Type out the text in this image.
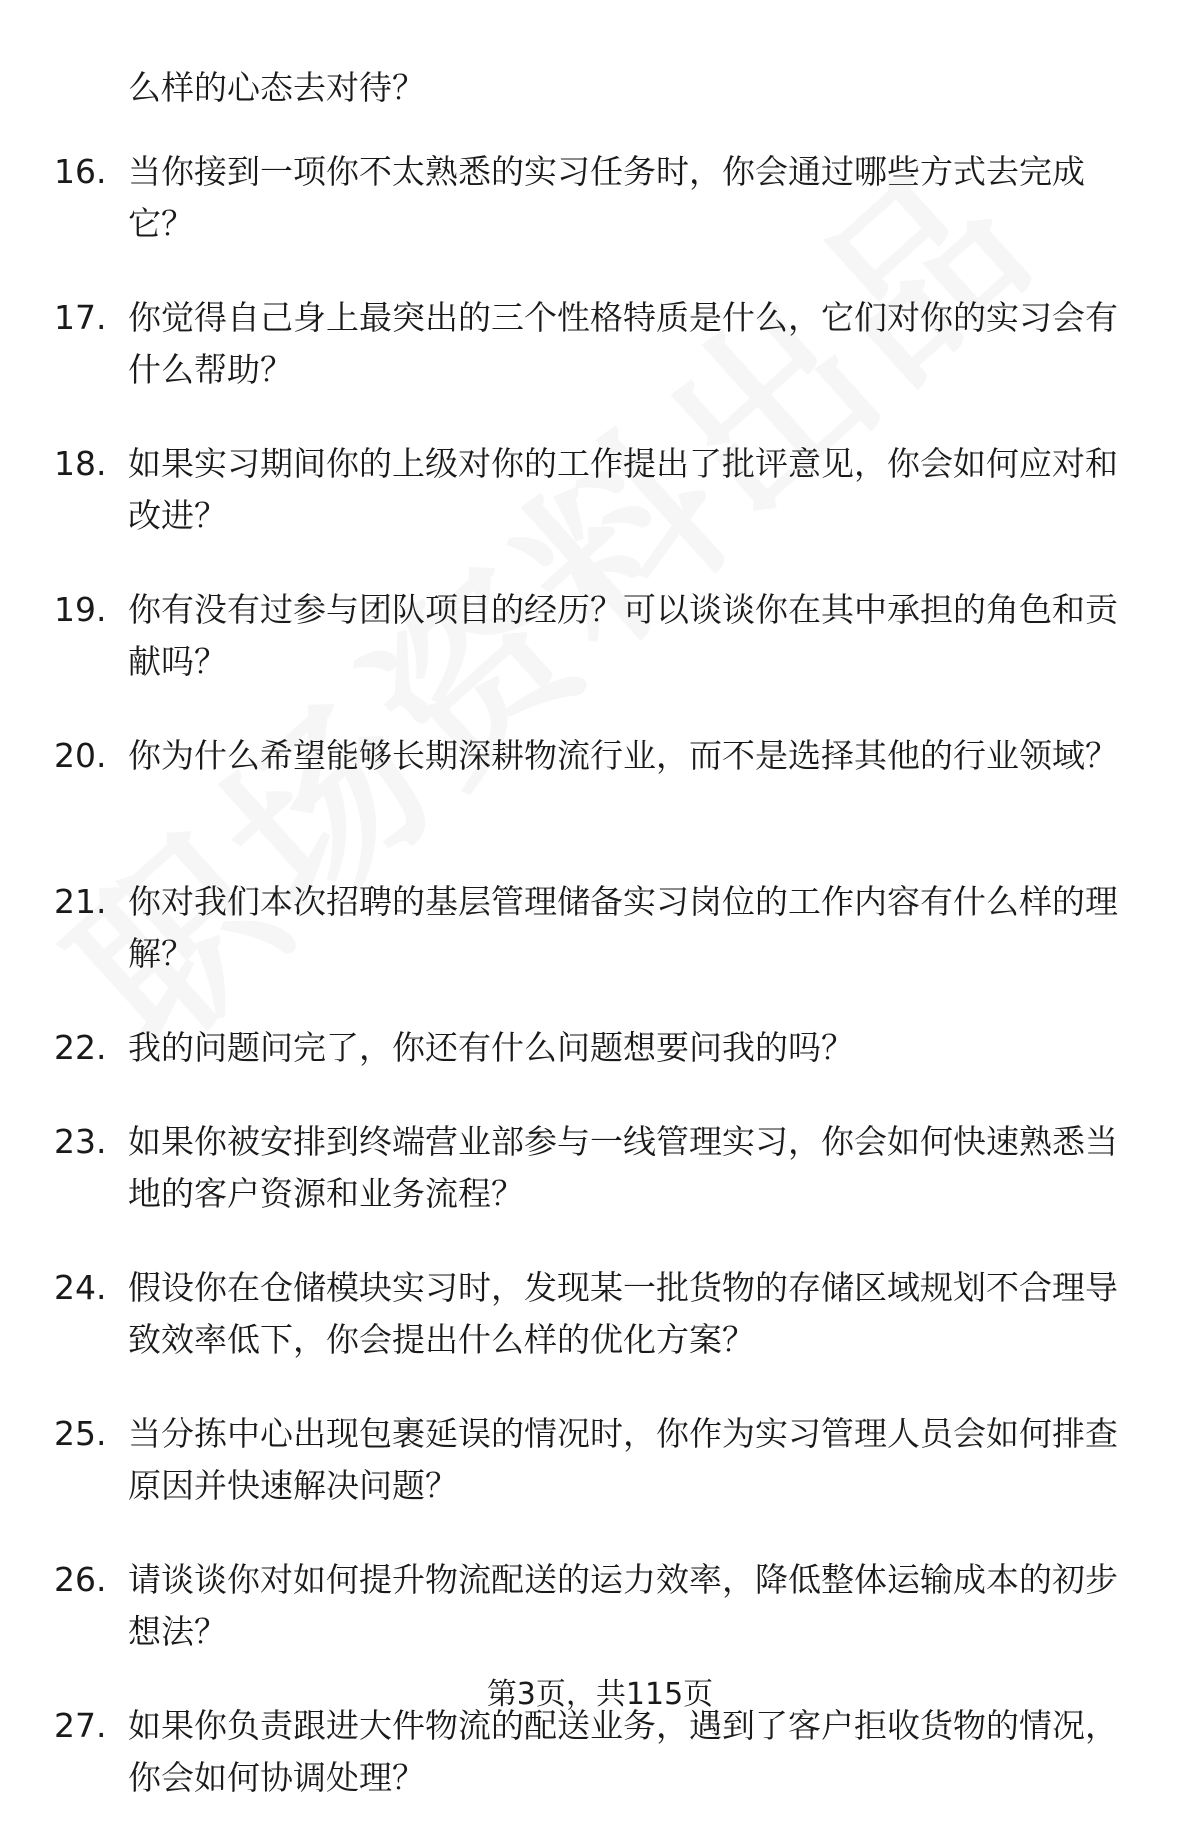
么样的心态去对待？
16. 当你接到一项你不太熟悉的实习任务时，你会通过哪些方式去完成它？
17. 你觉得自己身上最突出的三个性格特质是什么，它们对你的实习会有什么帮助？
18. 如果实习期间你的上级对你的工作提出了批评意见，你会如何应对和改进？
19. 你有没有过参与团队项目的经历？可以谈谈你在其中承担的角色和贡献吗？
20. 你为什么希望能够长期深耕物流行业，而不是选择其他的行业领域？
21. 你对我们本次招聘的基层管理储备实习岗位的工作内容有什么样的理解？
22. 我的问题问完了，你还有什么问题想要问我的吗？
23. 如果你被安排到终端营业部参与一线管理实习，你会如何快速熟悉当地的客户资源和业务流程？
24. 假设你在仓储模块实习时，发现某一批货物的存储区域规划不合理导致效率低下，你会提出什么样的优化方案？
25. 当分拣中心出现包裹延误的情况时，你作为实习管理人员会如何排查原因并快速解决问题？
26. 请谈谈你对如何提升物流配送的运力效率，降低整体运输成本的初步想法？
27. 如果你负责跟进大件物流的配送业务，遇到了客户拒收货物的情况，你会如何协调处理？
第3页，共115页
